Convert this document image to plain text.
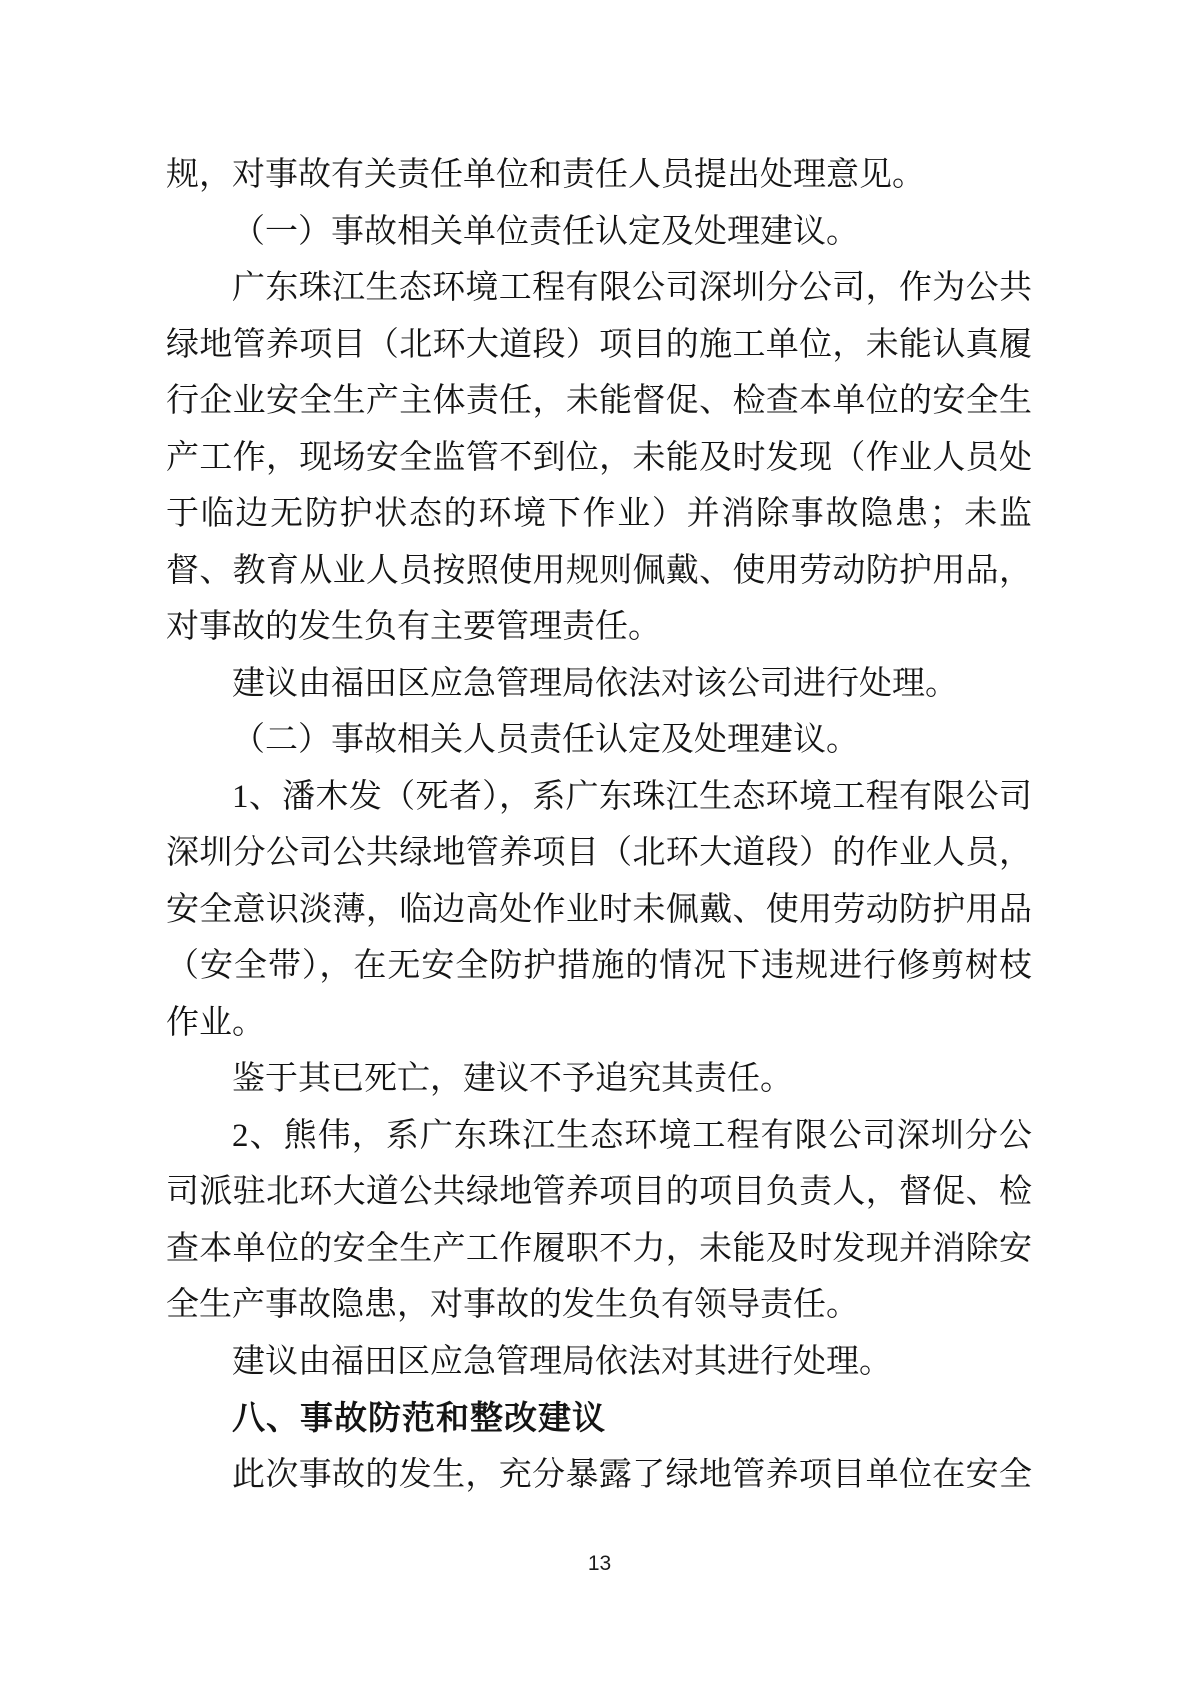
规，对事故有关责任单位和责任人员提出处理意见。

（一）事故相关单位责任认定及处理建议。

广东珠江生态环境工程有限公司深圳分公司，作为公共绿地管养项目（北环大道段）项目的施工单位，未能认真履行企业安全生产主体责任，未能督促、检查本单位的安全生产工作，现场安全监管不到位，未能及时发现（作业人员处于临边无防护状态的环境下作业）并消除事故隐患；未监督、教育从业人员按照使用规则佩戴、使用劳动防护用品，对事故的发生负有主要管理责任。

建议由福田区应急管理局依法对该公司进行处理。

（二）事故相关人员责任认定及处理建议。

1、潘木发（死者），系广东珠江生态环境工程有限公司深圳分公司公共绿地管养项目（北环大道段）的作业人员，安全意识淡薄，临边高处作业时未佩戴、使用劳动防护用品（安全带），在无安全防护措施的情况下违规进行修剪树枝作业。

鉴于其已死亡，建议不予追究其责任。

2、熊伟，系广东珠江生态环境工程有限公司深圳分公司派驻北环大道公共绿地管养项目的项目负责人，督促、检查本单位的安全生产工作履职不力，未能及时发现并消除安全生产事故隐患，对事故的发生负有领导责任。

建议由福田区应急管理局依法对其进行处理。

八、事故防范和整改建议

此次事故的发生，充分暴露了绿地管养项目单位在安全

13
